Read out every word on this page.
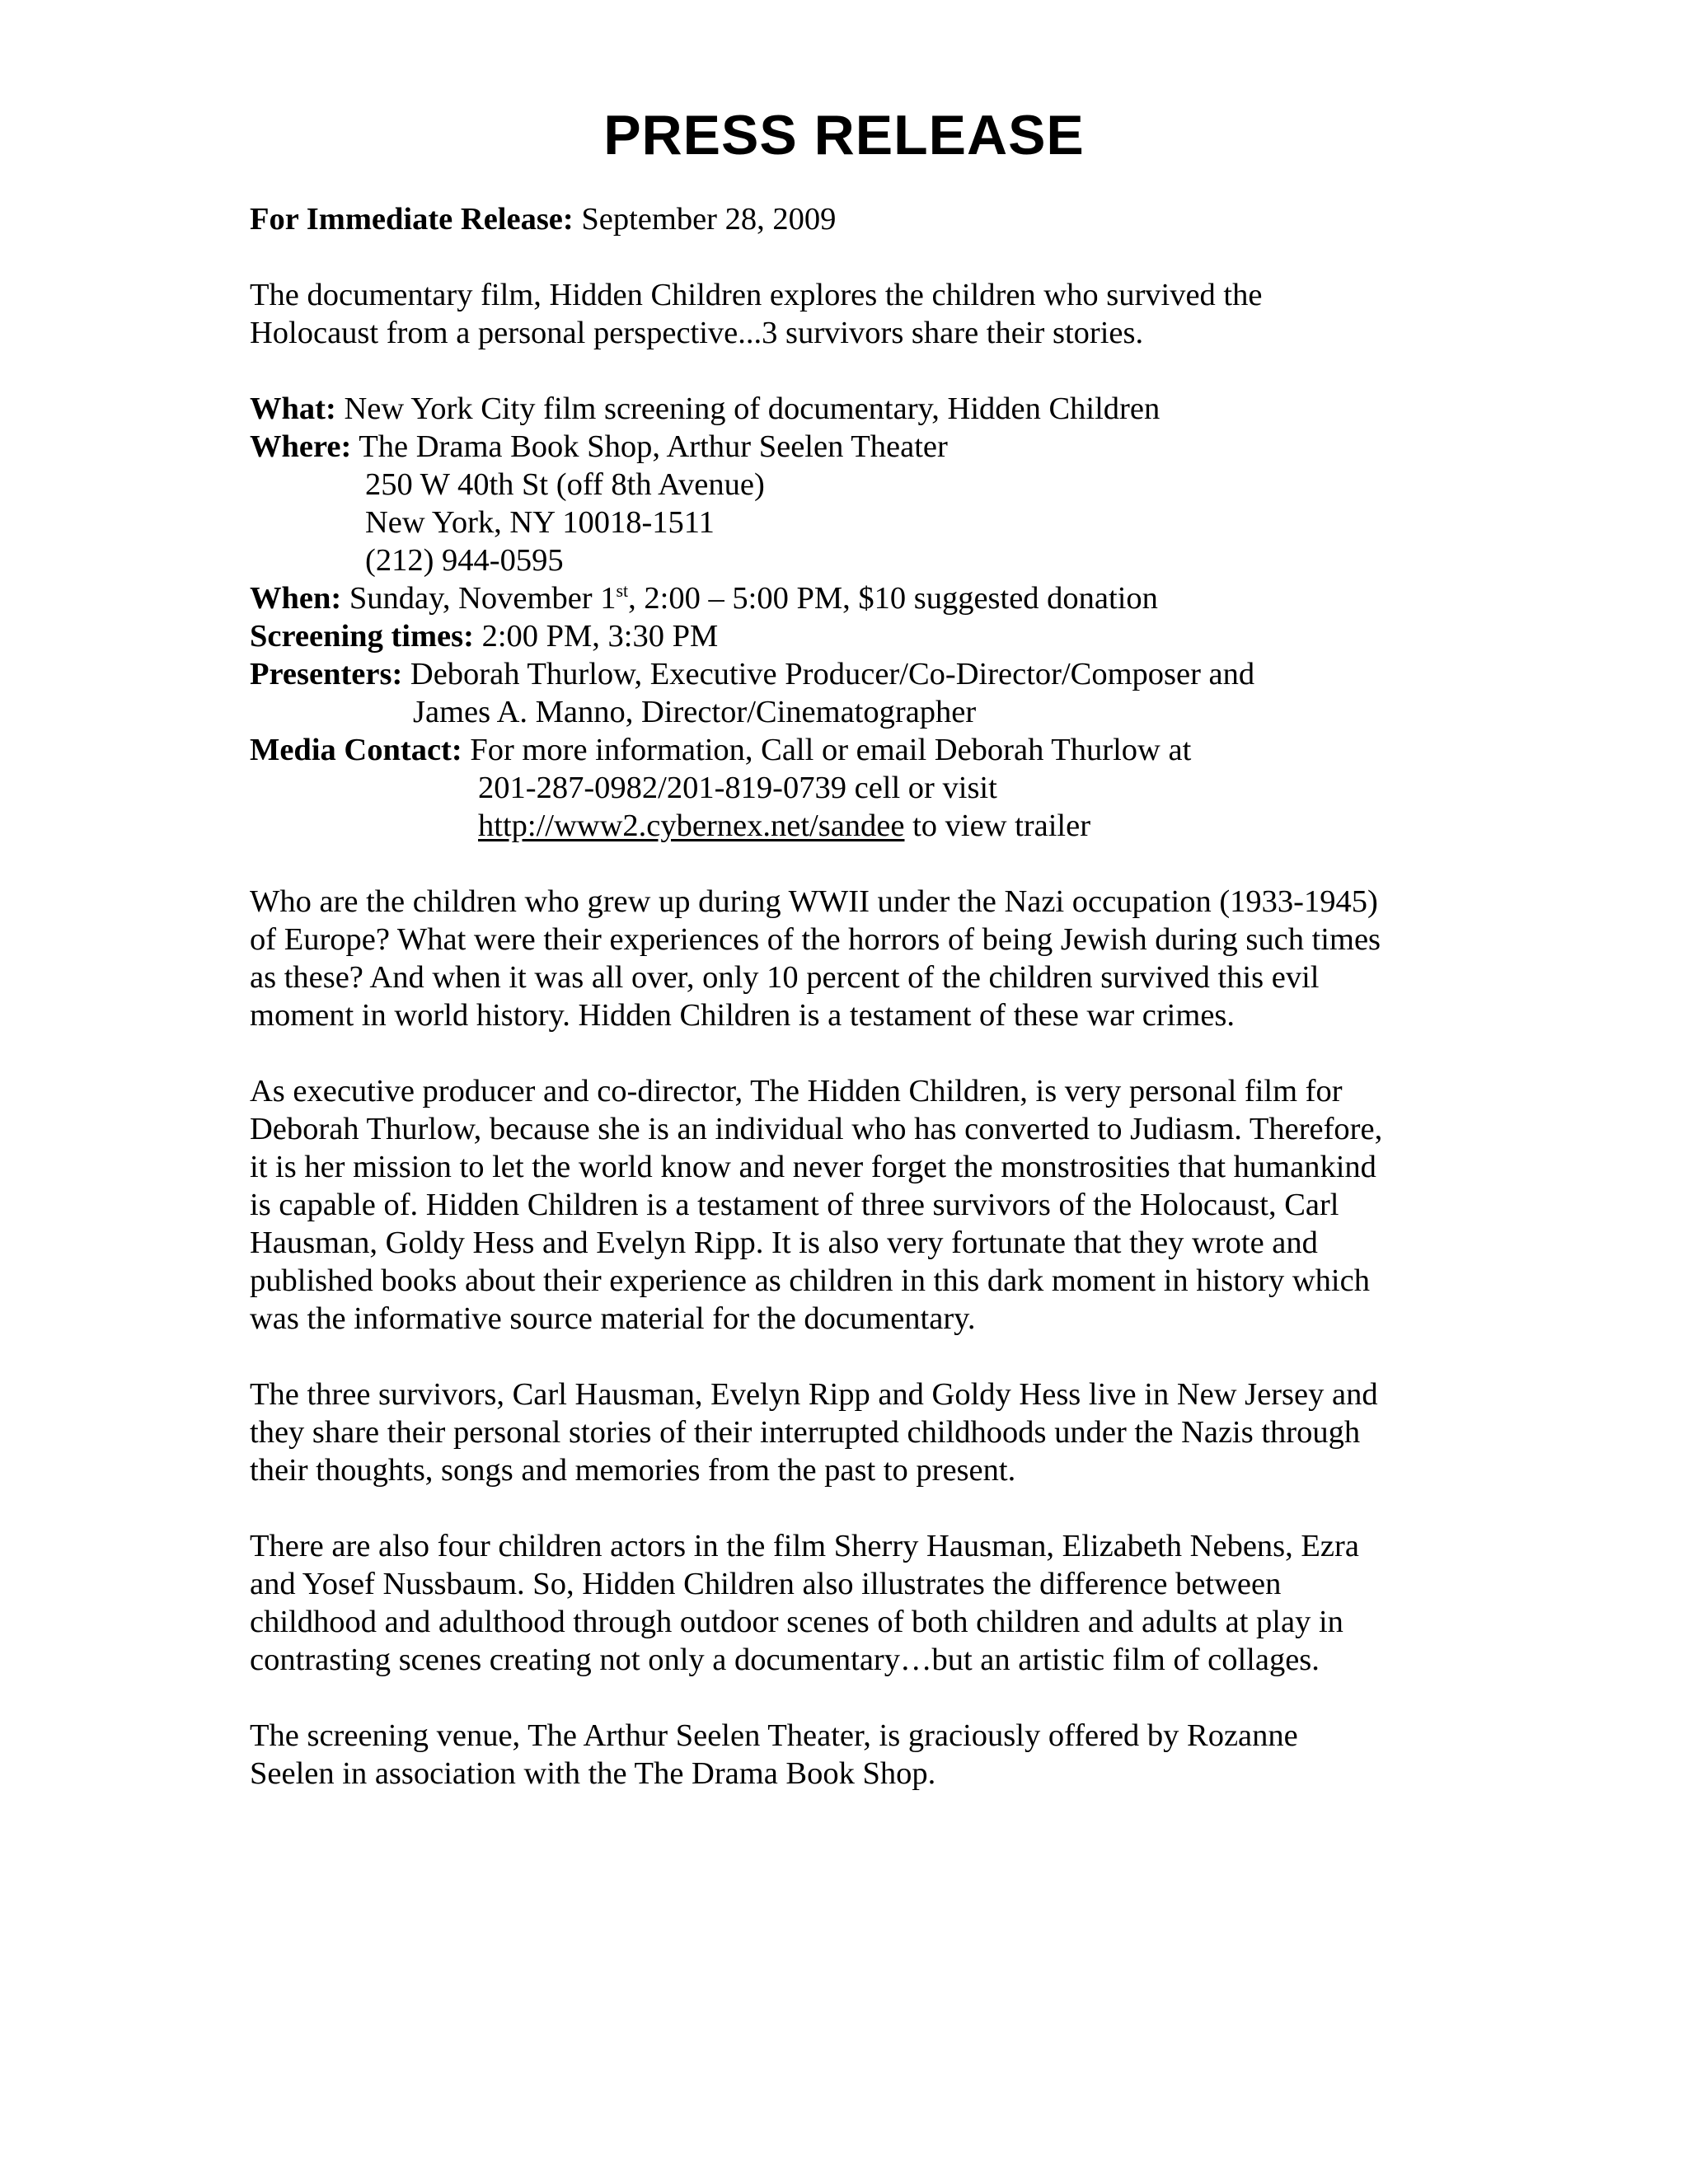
PRESS RELEASE
For Immediate Release: September 28, 2009
The documentary film, Hidden Children explores the children who survived the
Holocaust from a personal perspective...3 survivors share their stories.
What: New York City film screening of documentary, Hidden Children
Where: The Drama Book Shop, Arthur Seelen Theater
250 W 40th St (off 8th Avenue)
New York, NY 10018-1511
(212) 944-0595
When: Sunday, November 1st, 2:00 – 5:00 PM, $10 suggested donation
Screening times: 2:00 PM, 3:30 PM
Presenters: Deborah Thurlow, Executive Producer/Co-Director/Composer and
James A. Manno, Director/Cinematographer
Media Contact: For more information, Call or email Deborah Thurlow at
201-287-0982/201-819-0739 cell or visit
http://www2.cybernex.net/sandee to view trailer
Who are the children who grew up during WWII under the Nazi occupation (1933-1945)
of Europe? What were their experiences of the horrors of being Jewish during such times
as these? And when it was all over, only 10 percent of the children survived this evil
moment in world history. Hidden Children is a testament of these war crimes.
As executive producer and co-director, The Hidden Children, is very personal film for
Deborah Thurlow, because she is an individual who has converted to Judiasm. Therefore,
it is her mission to let the world know and never forget the monstrosities that humankind
is capable of. Hidden Children is a testament of three survivors of the Holocaust, Carl
Hausman, Goldy Hess and Evelyn Ripp. It is also very fortunate that they wrote and
published books about their experience as children in this dark moment in history which
was the informative source material for the documentary.
The three survivors, Carl Hausman, Evelyn Ripp and Goldy Hess live in New Jersey and
they share their personal stories of their interrupted childhoods under the Nazis through
their thoughts, songs and memories from the past to present.
There are also four children actors in the film Sherry Hausman, Elizabeth Nebens, Ezra
and Yosef Nussbaum. So, Hidden Children also illustrates the difference between
childhood and adulthood through outdoor scenes of both children and adults at play in
contrasting scenes creating not only a documentary…but an artistic film of collages.
The screening venue, The Arthur Seelen Theater, is graciously offered by Rozanne
Seelen in association with the The Drama Book Shop.
